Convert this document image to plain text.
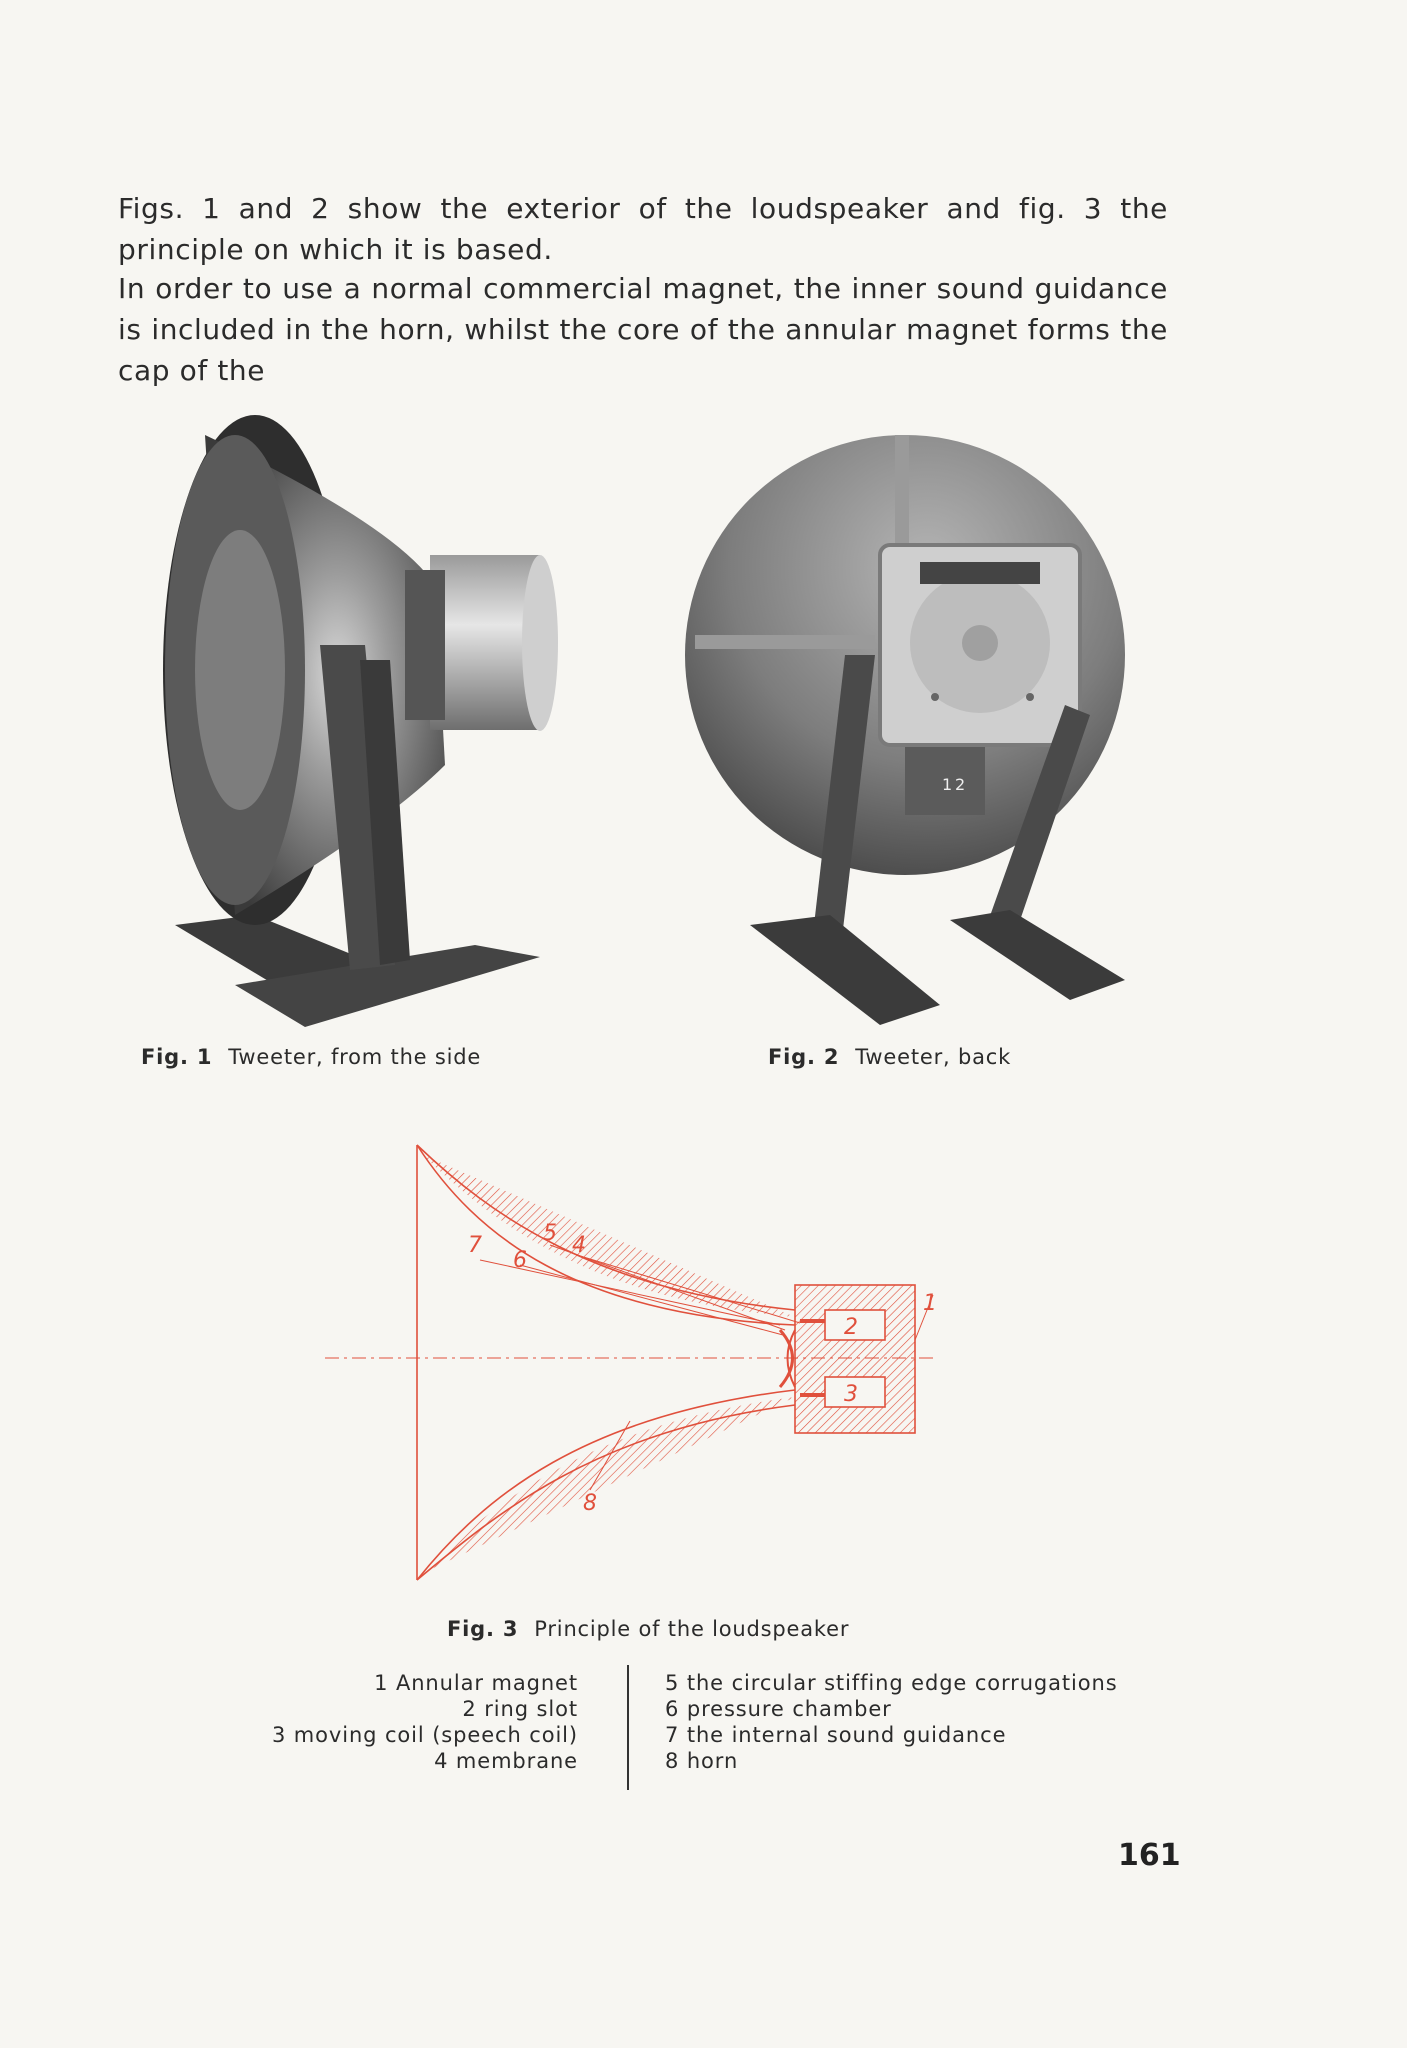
Figs. 1 and 2 show the exterior of the loudspeaker and fig. 3 the principle on which it is based.

In order to use a normal commercial magnet, the inner sound guidance is included in the horn, whilst the core of the annular magnet forms the cap of the

1 2
Fig. 1 Tweeter, from the side	Fig. 2 Tweeter, back
7	5
6
4
1
2
3
8
Fig. 3 Principle of the loudspeaker
1 Annular magnet
2 ring slot
3 moving coil (speech coil)
4 membrane
5 the circular stiffing edge corrugations
6 pressure chamber
7 the internal sound guidance
8 horn
161
